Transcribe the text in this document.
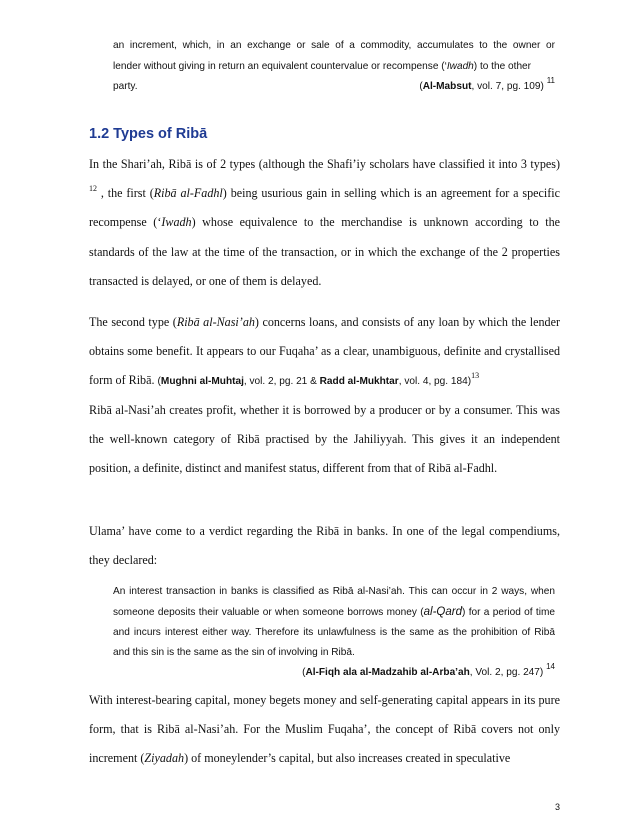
an increment, which, in an exchange or sale of a commodity, accumulates to the owner or
lender without giving in return an equivalent countervalue or recompense (‘Iwadh) to the other
party.	(Al-Mabsut, vol. 7, pg. 109) $^{11}$
1.2 Types of Ribā

In the Shari’ah, Ribā is of 2 types (although the Shafi’iy scholars have classified it into 3 types) $^{12}$ , the first (Ribā al-Fadhl) being usurious gain in selling which is an agreement for a specific recompense (‘Iwadh) whose equivalence to the merchandise is unknown according to the standards of the law at the time of the transaction, or in which the exchange of the 2 properties transacted is delayed, or one of them is delayed.

The second type (Ribā al-Nasi’ah) concerns loans, and consists of any loan by which the lender obtains some benefit. It appears to our Fuqaha’ as a clear, unambiguous, definite and crystallised form of Ribā. (Mughni al-Muhtaj, vol. 2, pg. 21 & Radd al-Mukhtar, vol. 4, pg. 184)$^{13}$

Ribā al-Nasi’ah creates profit, whether it is borrowed by a producer or by a consumer. This was the well-known category of Ribā practised by the Jahiliyyah. This gives it an independent position, a definite, distinct and manifest status, different from that of Ribā al-Fadhl.

Ulama’ have come to a verdict regarding the Ribā in banks. In one of the legal compendiums, they declared:

An interest transaction in banks is classified as Ribā al-Nasi’ah. This can occur in 2 ways, when someone deposits their valuable or when someone borrows money (al-Qard) for a period of time and incurs interest either way. Therefore its unlawfulness is the same as the prohibition of Ribā and this sin is the same as the sin of involving in Ribā.
(Al-Fiqh ala al-Madzahib al-Arba’ah, Vol. 2, pg. 247) $^{14}$

With interest-bearing capital, money begets money and self-generating capital appears in its pure form, that is Ribā al-Nasi’ah. For the Muslim Fuqaha’, the concept of Ribā covers not only increment (Ziyadah) of moneylender’s capital, but also increases created in speculative

3
